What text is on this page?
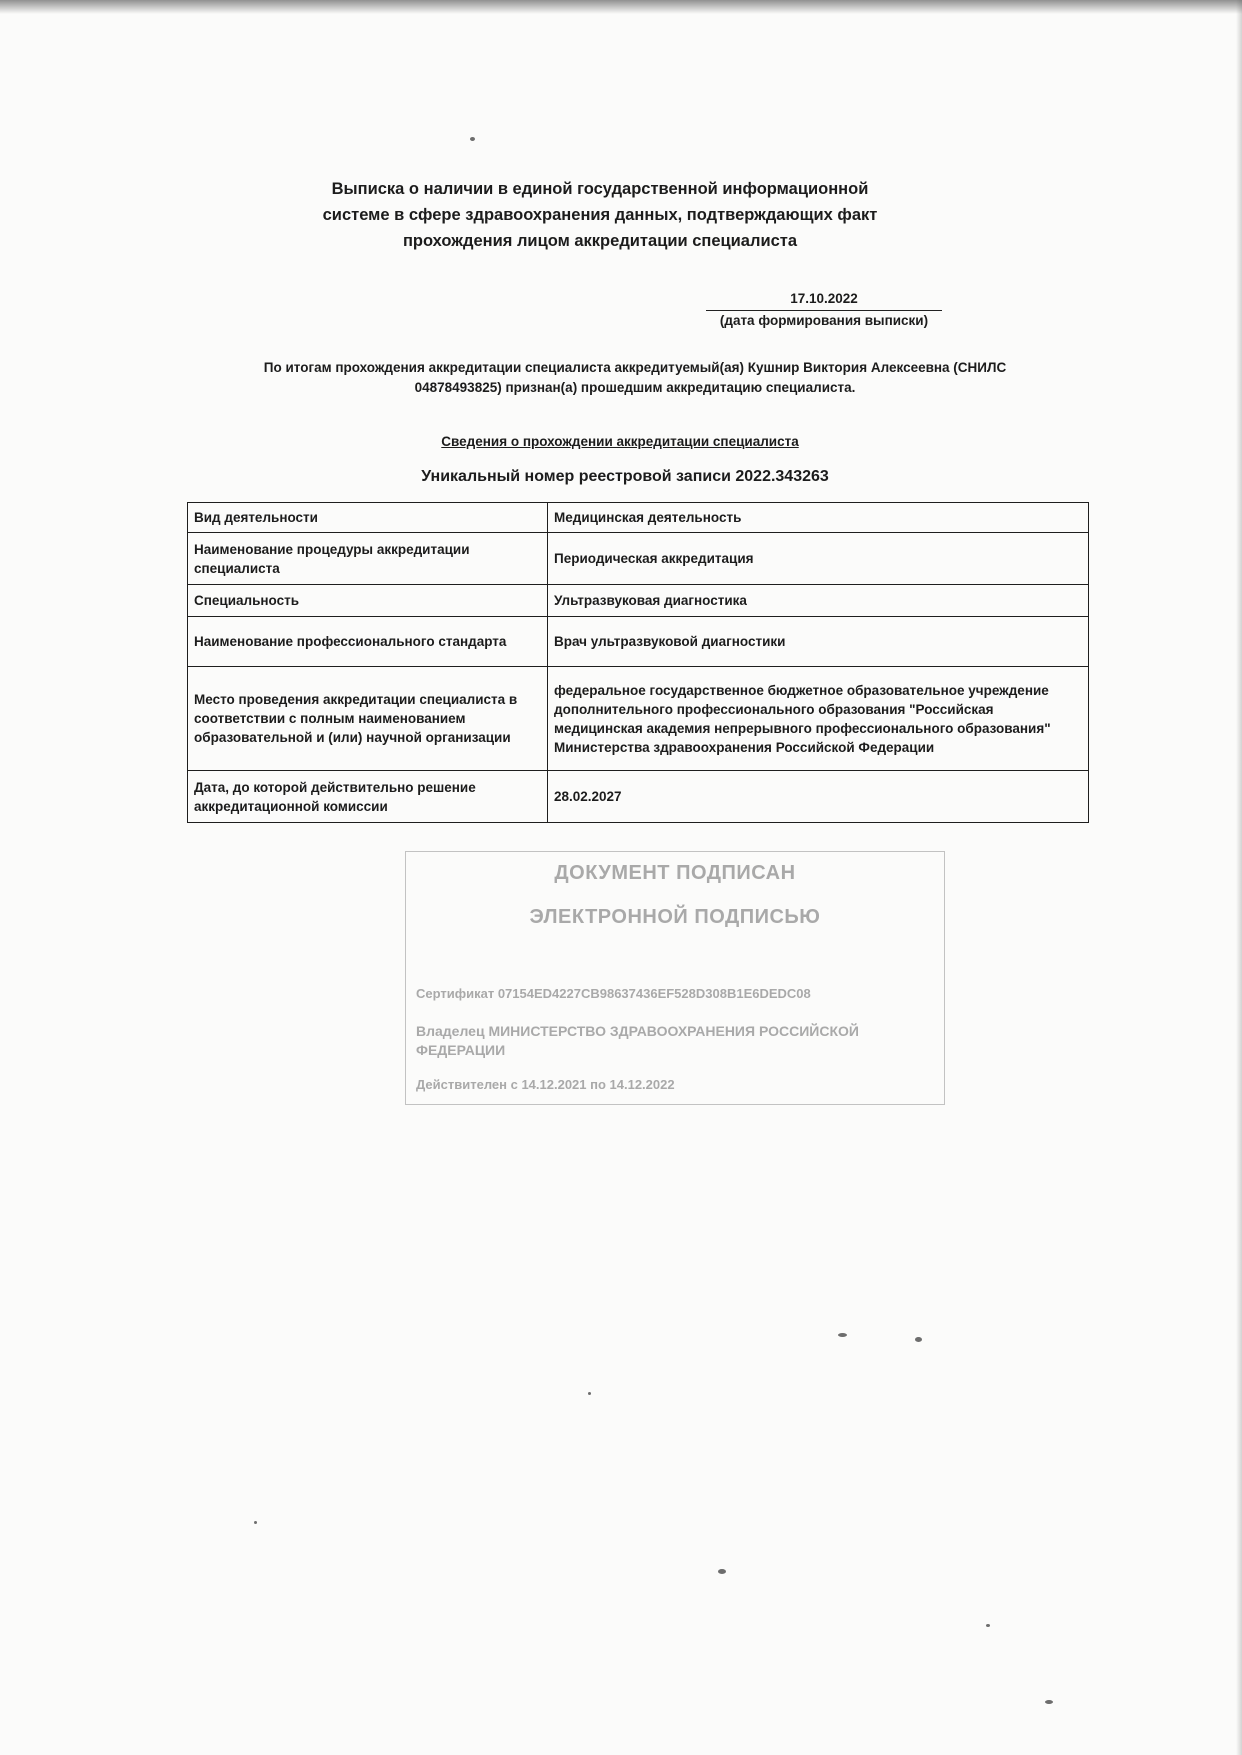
Выписка о наличии в единой государственной информационной
системе в сфере здравоохранения данных, подтверждающих факт
прохождения лицом аккредитации специалиста
17.10.2022
(дата формирования выписки)
По итогам прохождения аккредитации специалиста аккредитуемый(ая) Кушнир Виктория Алексеевна (СНИЛС
04878493825) признан(а) прошедшим аккредитацию специалиста.
Сведения о прохождении аккредитации специалиста
Уникальный номер реестровой записи 2022.343263
Вид деятельности	Медицинская деятельность
Наименование процедуры аккредитации специалиста	Периодическая аккредитация
Специальность	Ультразвуковая диагностика
Наименование профессионального стандарта	Врач ультразвуковой диагностики
Место проведения аккредитации специалиста в соответствии с полным наименованием образовательной и (или) научной организации	федеральное государственное бюджетное образовательное учреждение дополнительного профессионального образования "Российская медицинская академия непрерывного профессионального образования" Министерства здравоохранения Российской Федерации
Дата, до которой действительно решение аккредитационной комиссии	28.02.2027
ДОКУМЕНТ ПОДПИСАН
ЭЛЕКТРОННОЙ ПОДПИСЬЮ
Сертификат 07154ED4227CB98637436EF528D308B1E6DEDC08
Владелец МИНИСТЕРСТВО ЗДРАВООХРАНЕНИЯ РОССИЙСКОЙ ФЕДЕРАЦИИ
Действителен с 14.12.2021 по 14.12.2022
